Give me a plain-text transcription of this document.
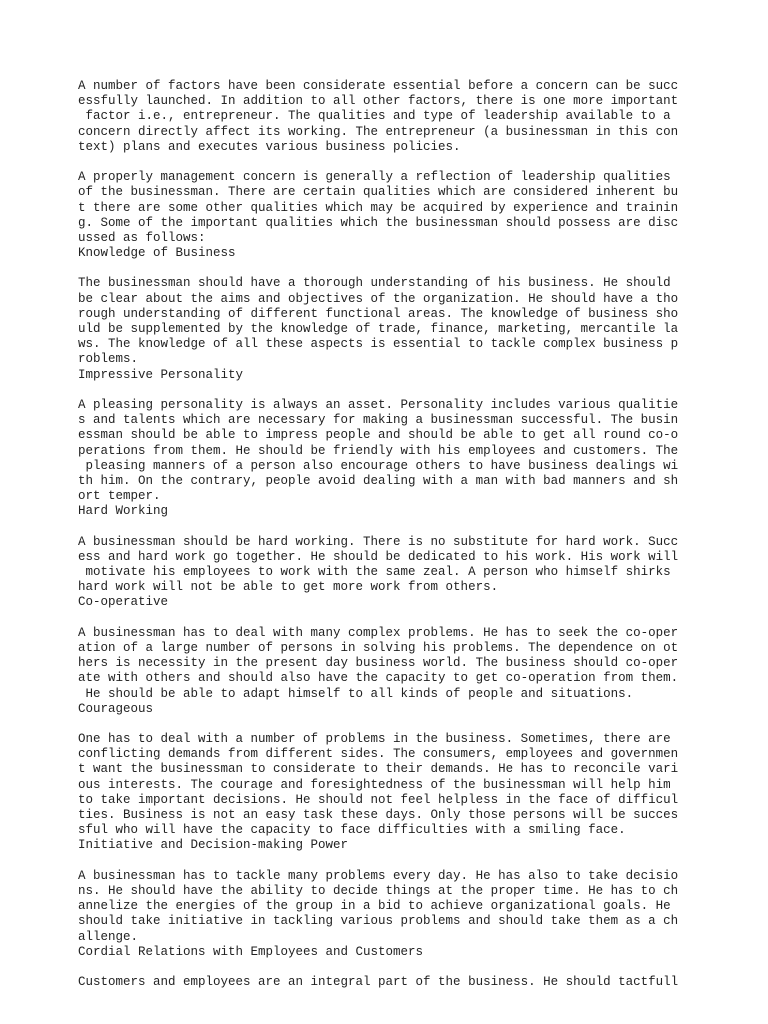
A number of factors have been considerate essential before a concern can be succ
essfully launched. In addition to all other factors, there is one more important
factor i.e., entrepreneur. The qualities and type of leadership available to a
concern directly affect its working. The entrepreneur (a businessman in this con
text) plans and executes various business policies.
A properly management concern is generally a reflection of leadership qualities
of the businessman. There are certain qualities which are considered inherent bu
t there are some other qualities which may be acquired by experience and trainin
g. Some of the important qualities which the businessman should possess are disc
ussed as follows:
Knowledge of Business
The businessman should have a thorough understanding of his business. He should
be clear about the aims and objectives of the organization. He should have a tho
rough understanding of different functional areas. The knowledge of business sho
uld be supplemented by the knowledge of trade, finance, marketing, mercantile la
ws. The knowledge of all these aspects is essential to tackle complex business p
roblems.
Impressive Personality
A pleasing personality is always an asset. Personality includes various qualitie
s and talents which are necessary for making a businessman successful. The busin
essman should be able to impress people and should be able to get all round co-o
perations from them. He should be friendly with his employees and customers. The
pleasing manners of a person also encourage others to have business dealings wi
th him. On the contrary, people avoid dealing with a man with bad manners and sh
ort temper.
Hard Working
A businessman should be hard working. There is no substitute for hard work. Succ
ess and hard work go together. He should be dedicated to his work. His work will
motivate his employees to work with the same zeal. A person who himself shirks
hard work will not be able to get more work from others.
Co-operative
A businessman has to deal with many complex problems. He has to seek the co-oper
ation of a large number of persons in solving his problems. The dependence on ot
hers is necessity in the present day business world. The business should co-oper
ate with others and should also have the capacity to get co-operation from them.
He should be able to adapt himself to all kinds of people and situations.
Courageous
One has to deal with a number of problems in the business. Sometimes, there are
conflicting demands from different sides. The consumers, employees and governmen
t want the businessman to considerate to their demands. He has to reconcile vari
ous interests. The courage and foresightedness of the businessman will help him
to take important decisions. He should not feel helpless in the face of difficul
ties. Business is not an easy task these days. Only those persons will be succes
sful who will have the capacity to face difficulties with a smiling face.
Initiative and Decision-making Power
A businessman has to tackle many problems every day. He has also to take decisio
ns. He should have the ability to decide things at the proper time. He has to ch
annelize the energies of the group in a bid to achieve organizational goals. He
should take initiative in tackling various problems and should take them as a ch
allenge.
Cordial Relations with Employees and Customers
Customers and employees are an integral part of the business. He should tactfull
